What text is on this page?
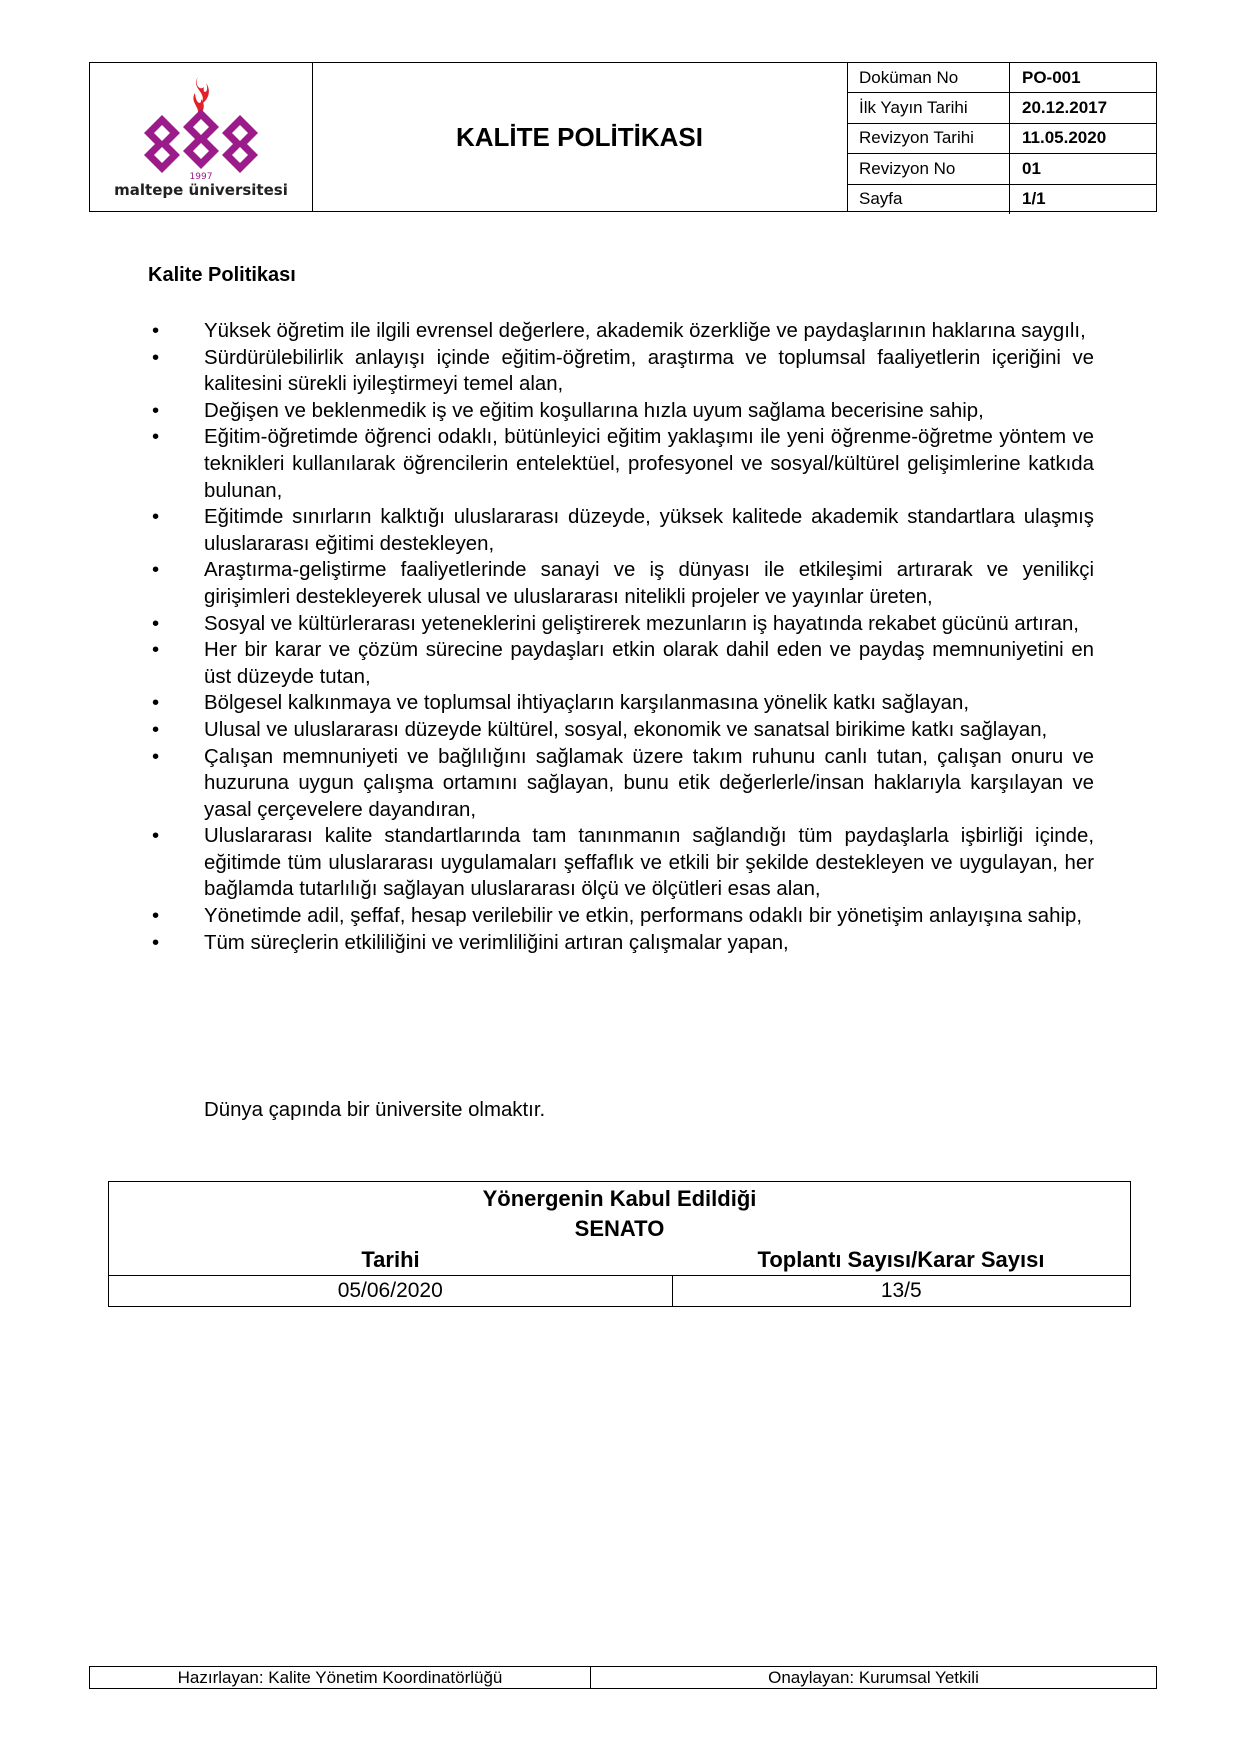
1997
maltepe üniversitesi
KALİTE POLİTİKASI
Doküman No	PO-001
İlk Yayın Tarihi	20.12.2017
Revizyon Tarihi	11.05.2020
Revizyon No	01
Sayfa	1/1
Kalite Politikası
• Yüksek öğretim ile ilgili evrensel değerlere, akademik özerkliğe ve paydaşlarının haklarına saygılı,
• Sürdürülebilirlik anlayışı içinde eğitim-öğretim, araştırma ve toplumsal faaliyetlerin içeriğini ve kalitesini sürekli iyileştirmeyi temel alan,
• Değişen ve beklenmedik iş ve eğitim koşullarına hızla uyum sağlama becerisine sahip,
• Eğitim-öğretimde öğrenci odaklı, bütünleyici eğitim yaklaşımı ile yeni öğrenme-öğretme yöntem ve teknikleri kullanılarak öğrencilerin entelektüel, profesyonel ve sosyal/kültürel gelişimlerine katkıda bulunan,
• Eğitimde sınırların kalktığı uluslararası düzeyde, yüksek kalitede akademik standartlara ulaşmış uluslararası eğitimi destekleyen,
• Araştırma-geliştirme faaliyetlerinde sanayi ve iş dünyası ile etkileşimi artırarak ve yenilikçi girişimleri destekleyerek ulusal ve uluslararası nitelikli projeler ve yayınlar üreten,
• Sosyal ve kültürlerarası yeteneklerini geliştirerek mezunların iş hayatında rekabet gücünü artıran,
• Her bir karar ve çözüm sürecine paydaşları etkin olarak dahil eden ve paydaş memnuniyetini en üst düzeyde tutan,
• Bölgesel kalkınmaya ve toplumsal ihtiyaçların karşılanmasına yönelik katkı sağlayan,
• Ulusal ve uluslararası düzeyde kültürel, sosyal, ekonomik ve sanatsal birikime katkı sağlayan,
• Çalışan memnuniyeti ve bağlılığını sağlamak üzere takım ruhunu canlı tutan, çalışan onuru ve huzuruna uygun çalışma ortamını sağlayan, bunu etik değerlerle/insan haklarıyla karşılayan ve yasal çerçevelere dayandıran,
• Uluslararası kalite standartlarında tam tanınmanın sağlandığı tüm paydaşlarla işbirliği içinde, eğitimde tüm uluslararası uygulamaları şeffaflık ve etkili bir şekilde destekleyen ve uygulayan, her bağlamda tutarlılığı sağlayan uluslararası ölçü ve ölçütleri esas alan,
• Yönetimde adil, şeffaf, hesap verilebilir ve etkin, performans odaklı bir yönetişim anlayışına sahip,
• Tüm süreçlerin etkililiğini ve verimliliğini artıran çalışmalar yapan,
Dünya çapında bir üniversite olmaktır.
Yönergenin Kabul Edildiği
SENATO	

Tarihi	Toplantı Sayısı/Karar Sayısı
05/06/2020	13/5
Hazırlayan: Kalite Yönetim Koordinatörlüğü	Onaylayan: Kurumsal Yetkili
